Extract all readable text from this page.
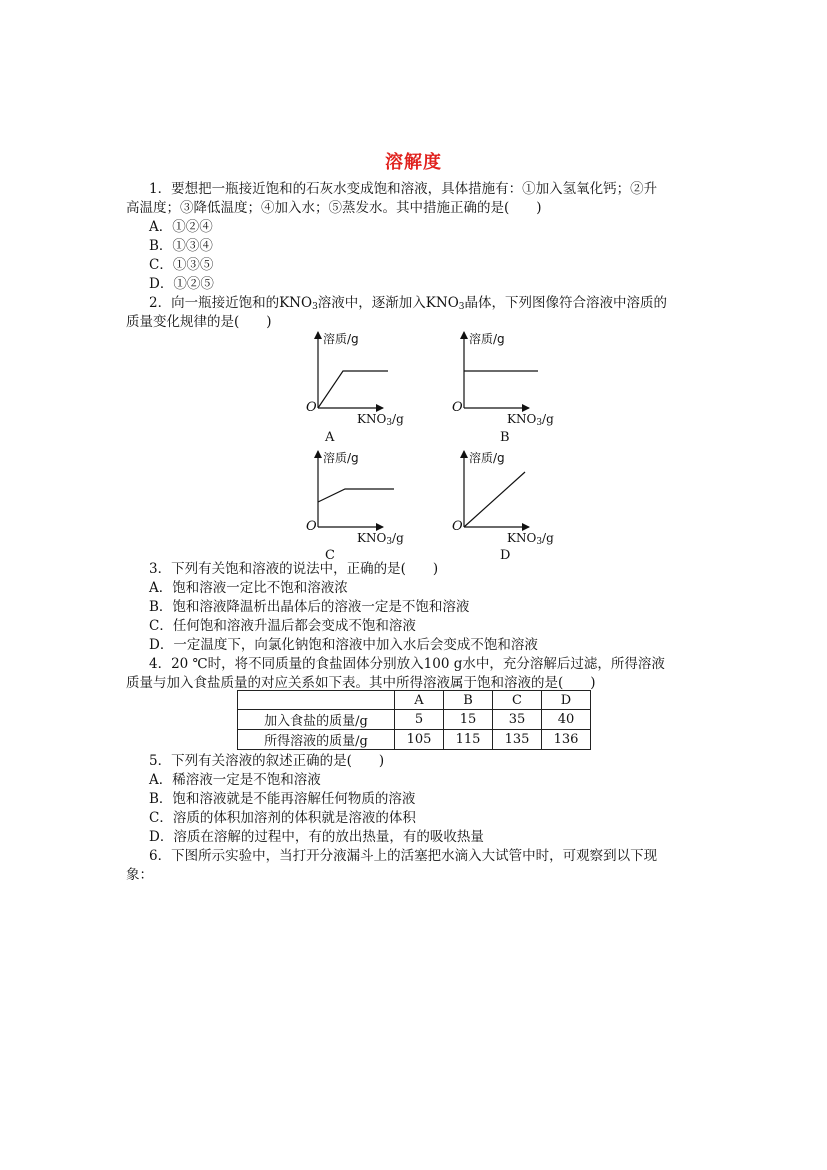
溶解度
1．要想把一瓶接近饱和的石灰水变成饱和溶液，具体措施有：①加入氢氧化钙；②升
高温度；③降低温度；④加入水；⑤蒸发水。其中措施正确的是(　　)
A．①②④
B．①③④
C．①③⑤
D．①②⑤
2．向一瓶接近饱和的$KNO_3$溶液中，逐渐加入$KNO_3$晶体，下列图像符合溶液中溶质的
质量变化规律的是(　　)
溶质/g
O
$KNO_3/g$
A
溶质/g
O
$KNO_3/g$
B
溶质/g
O
$KNO_3/g$
C
溶质/g
O
$KNO_3/g$
D
3．下列有关饱和溶液的说法中，正确的是(　　)
A．饱和溶液一定比不饱和溶液浓
B．饱和溶液降温析出晶体后的溶液一定是不饱和溶液
C．任何饱和溶液升温后都会变成不饱和溶液
D．一定温度下，向氯化钠饱和溶液中加入水后会变成不饱和溶液
4．20 ℃时，将不同质量的食盐固体分别放入100 g水中，充分溶解后过滤，所得溶液
质量与加入食盐质量的对应关系如下表。其中所得溶液属于饱和溶液的是(　　)
	A	B	C	D
加入食盐的质量/g	5	15	35	40
所得溶液的质量/g	105	115	135	136
5．下列有关溶液的叙述正确的是(　　)
A．稀溶液一定是不饱和溶液
B．饱和溶液就是不能再溶解任何物质的溶液
C．溶质的体积加溶剂的体积就是溶液的体积
D．溶质在溶解的过程中，有的放出热量，有的吸收热量
6．下图所示实验中，当打开分液漏斗上的活塞把水滴入大试管中时，可观察到以下现
象：
